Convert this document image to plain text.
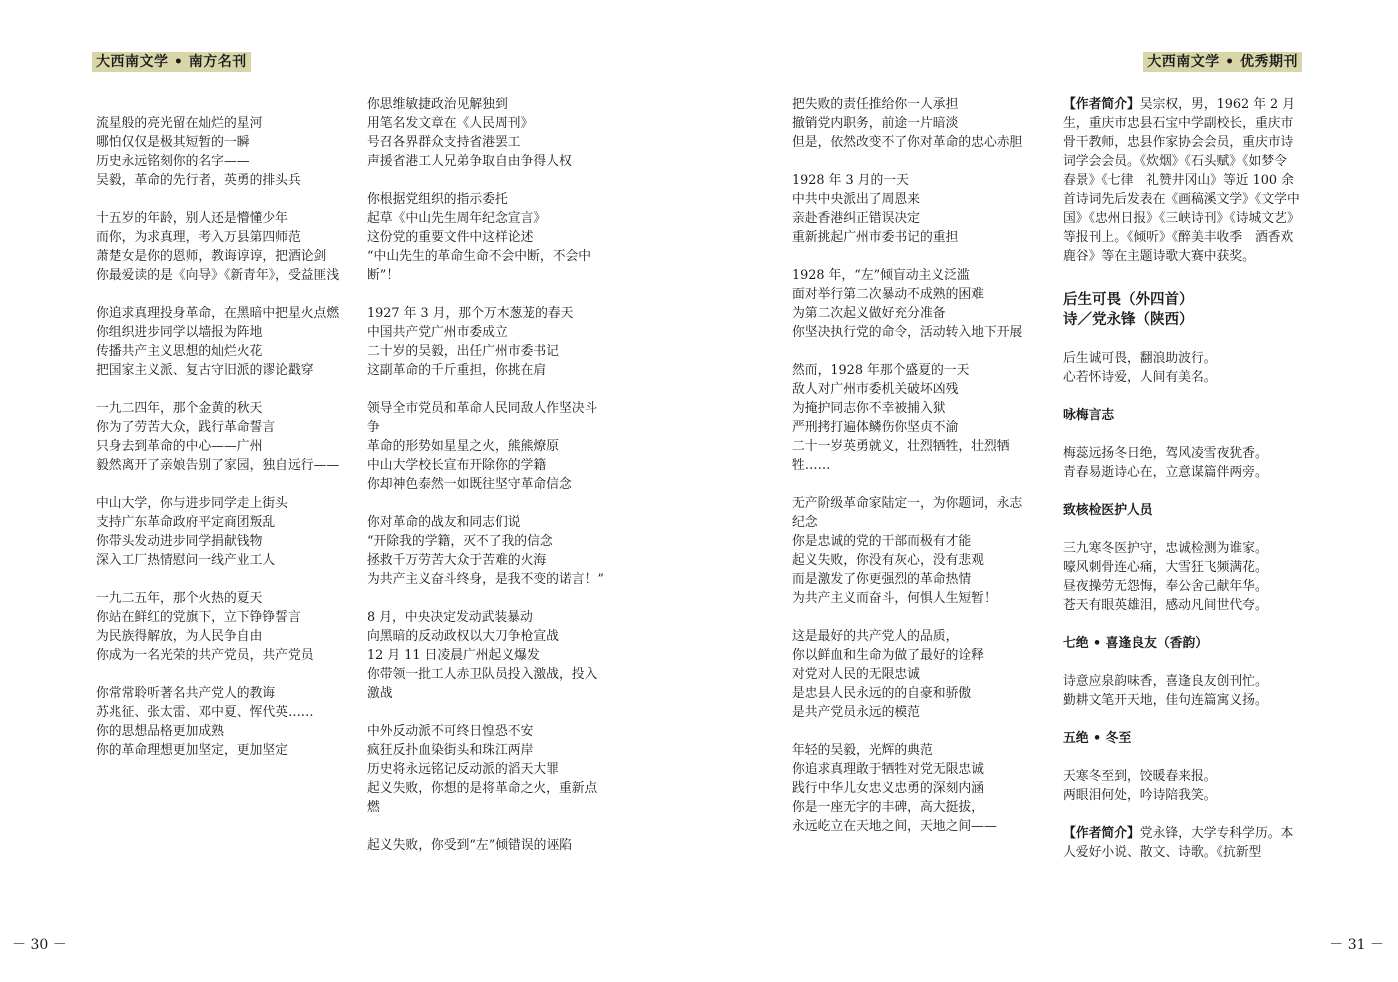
大西南文学 • 南方名刊

流星般的亮光留在灿烂的星河
哪怕仅仅是极其短暂的一瞬
历史永远铭刻你的名字——
吴毅，革命的先行者，英勇的排头兵

十五岁的年龄，别人还是懵懂少年
而你，为求真理，考入万县第四师范
萧楚女是你的恩师，教诲谆谆，把酒论剑
你最爱读的是《向导》《新青年》，受益匪浅

你追求真理投身革命，在黑暗中把星火点燃
你组织进步同学以墙报为阵地
传播共产主义思想的灿烂火花
把国家主义派、复古守旧派的谬论戳穿

一九二四年，那个金黄的秋天
你为了劳苦大众，践行革命誓言
只身去到革命的中心——广州
毅然离开了亲娘告别了家园，独自远行——

中山大学，你与进步同学走上街头
支持广东革命政府平定商团叛乱
你带头发动进步同学捐献钱物
深入工厂热情慰问一线产业工人

一九二五年，那个火热的夏天
你站在鲜红的党旗下，立下铮铮誓言
为民族得解放，为人民争自由
你成为一名光荣的共产党员，共产党员

你常常聆听著名共产党人的教诲
苏兆征、张太雷、邓中夏、恽代英……
你的思想品格更加成熟
你的革命理想更加坚定，更加坚定

你思维敏捷政治见解独到
用笔名发文章在《人民周刊》
号召各界群众支持省港罢工
声援省港工人兄弟争取自由争得人权

你根据党组织的指示委托
起草《中山先生周年纪念宣言》
这份党的重要文件中这样论述
“中山先生的革命生命不会中断，不会中断”！

1927 年 3 月，那个万木葱茏的春天
中国共产党广州市委成立
二十岁的吴毅，出任广州市委书记
这副革命的千斤重担，你挑在肩

领导全市党员和革命人民同敌人作坚决斗争
革命的形势如星星之火，熊熊燎原
中山大学校长宣布开除你的学籍
你却神色泰然一如既往坚守革命信念

你对革命的战友和同志们说
“开除我的学籍，灭不了我的信念
拯救千万劳苦大众于苦难的火海
为共产主义奋斗终身，是我不变的诺言！”

8 月，中央决定发动武装暴动
向黑暗的反动政权以大刀争枪宣战
12 月 11 日凌晨广州起义爆发
你带领一批工人赤卫队员投入激战，投入激战

中外反动派不可终日惶恐不安
疯狂反扑血染街头和珠江两岸
历史将永远铭记反动派的滔天大罪
起义失败，你想的是将革命之火，重新点燃

起义失败，你受到“左”倾错误的诬陷

－ 30 －
大西南文学 • 优秀期刊

把失败的责任推给你一人承担
撤销党内职务，前途一片暗淡
但是，依然改变不了你对革命的忠心赤胆

1928 年 3 月的一天
中共中央派出了周恩来
亲赴香港纠正错误决定
重新挑起广州市委书记的重担

1928 年，“左”倾盲动主义泛滥
面对举行第二次暴动不成熟的困难
为第二次起义做好充分准备
你坚决执行党的命令，活动转入地下开展

然而，1928 年那个盛夏的一天
敌人对广州市委机关破坏凶残
为掩护同志你不幸被捕入狱
严刑拷打遍体鳞伤你坚贞不渝
二十一岁英勇就义，壮烈牺牲，壮烈牺牲……

无产阶级革命家陆定一，为你题词，永志纪念
你是忠诚的党的干部而极有才能
起义失败，你没有灰心，没有悲观
而是激发了你更强烈的革命热情
为共产主义而奋斗，何惧人生短暂！

这是最好的共产党人的品质，
你以鲜血和生命为做了最好的诠释
对党对人民的无限忠诚
是忠县人民永远的的自豪和骄傲
是共产党员永远的模范

年轻的吴毅，光辉的典范
你追求真理敢于牺牲对党无限忠诚
践行中华儿女忠义忠勇的深刻内涵
你是一座无字的丰碑，高大挺拔，
永远屹立在天地之间，天地之间——

【作者简介】吴宗权，男，1962 年 2 月生，重庆市忠县石宝中学副校长，重庆市骨干教师，忠县作家协会会员，重庆市诗词学会会员。《炊烟》《石头赋》《如梦令　春景》《七律　礼赞井冈山》等近 100 余首诗词先后发表在《画稿溪文学》《文学中国》《忠州日报》《三峡诗刊》《诗城文艺》等报刊上。《倾听》《醉美丰收季　酒香欢鹿谷》等在主题诗歌大赛中获奖。

后生可畏（外四首）
诗／党永锋（陕西）

后生诚可畏，翻浪助波行。
心若怀诗爱，人间有美名。

咏梅言志

梅蕊远扬冬日绝，驾风凌雪夜犹香。
青春易逝诗心在，立意谋篇伴两旁。

致核检医护人员

三九寒冬医护守，忠诚检测为谁家。
嚎风刺骨连心痛，大雪狂飞频满花。
昼夜操劳无怨悔，奉公舍己献年华。
苍天有眼英雄泪，感动凡间世代夸。

七绝 • 喜逢良友（香韵）

诗意应泉韵味香，喜逢良友创刊忙。
勤耕文笔开天地，佳句连篇寓义扬。

五绝 • 冬至

天寒冬至到，饺暖春来报。
两眼泪何处，吟诗陪我笑。

【作者简介】党永锋，大学专科学历。本人爱好小说、散文、诗歌。《抗新型

－ 31 －
